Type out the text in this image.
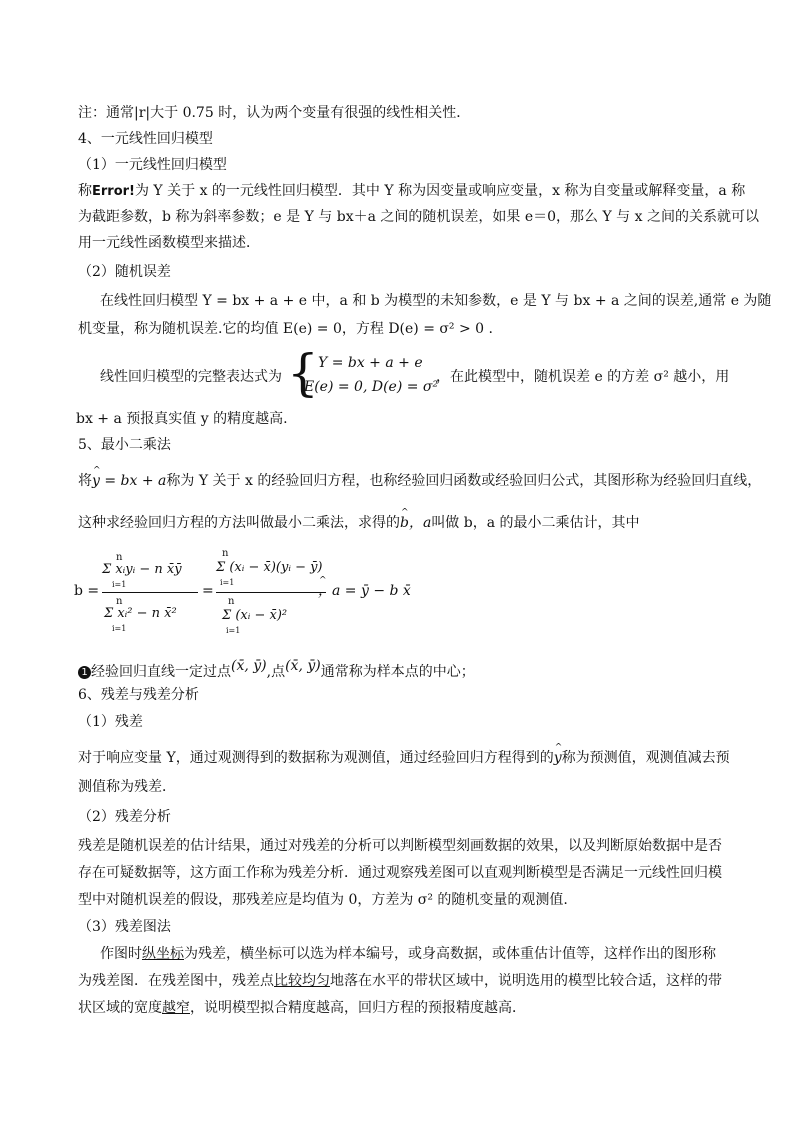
注：通常|r|大于 0.75 时，认为两个变量有很强的线性相关性．
4、一元线性回归模型
（1）一元线性回归模型
称Error!为 Y 关于 x 的一元线性回归模型．其中 Y 称为因变量或响应变量，x 称为自变量或解释变量，a 称
为截距参数，b 称为斜率参数；e 是 Y 与 bx＋a 之间的随机误差，如果 e＝0，那么 Y 与 x 之间的关系就可以
用一元线性函数模型来描述．
（2）随机误差
在线性回归模型 Y = bx + a + e 中，a 和 b 为模型的未知参数，e 是 Y 与 bx + a 之间的误差,通常 e 为随
机变量，称为随机误差.它的均值 E(e) = 0，方程 D(e) = σ² > 0 .
线性回归模型的完整表达式为 { Y = bx + a + e
E(e) = 0, D(e) = σ²
，在此模型中，随机误差 e 的方差 σ² 越小，用
bx + a 预报真实值 y 的精度越高.
5、最小二乘法
将^ y = bx + a称为 Y 关于 x 的经验回归方程，也称经验回归函数或经验回归公式，其图形称为经验回归直线，
这种求经验回归方程的方法叫做最小二乘法，求得的^ b，a叫做 b，a 的最小二乘估计，其中
b =
n
Σ xᵢyᵢ − n x̄ȳ
i=1
n
Σ xᵢ² − n x̄²
i=1
=
n
Σ (xᵢ − x̄)(yᵢ − ȳ)
i=1
n
Σ (xᵢ − x̄)²
i=1
^ ，a = ȳ − b x̄
1 经验回归直线一定过点(x̄, ȳ),点(x̄, ȳ)通常称为样本点的中心；
6、残差与残差分析
（1）残差
对于响应变量 Y，通过观测得到的数据称为观测值，通过经验回归方程得到的^ y称为预测值，观测值减去预
测值称为残差．
（2）残差分析
残差是随机误差的估计结果，通过对残差的分析可以判断模型刻画数据的效果，以及判断原始数据中是否
存在可疑数据等，这方面工作称为残差分析．通过观察残差图可以直观判断模型是否满足一元线性回归模
型中对随机误差的假设，那残差应是均值为 0，方差为 σ² 的随机变量的观测值.
（3）残差图法
作图时纵坐标为残差，横坐标可以选为样本编号，或身高数据，或体重估计值等，这样作出的图形称
为残差图．在残差图中，残差点比较均匀地落在水平的带状区域中，说明选用的模型比较合适，这样的带
状区域的宽度越窄，说明模型拟合精度越高，回归方程的预报精度越高．
